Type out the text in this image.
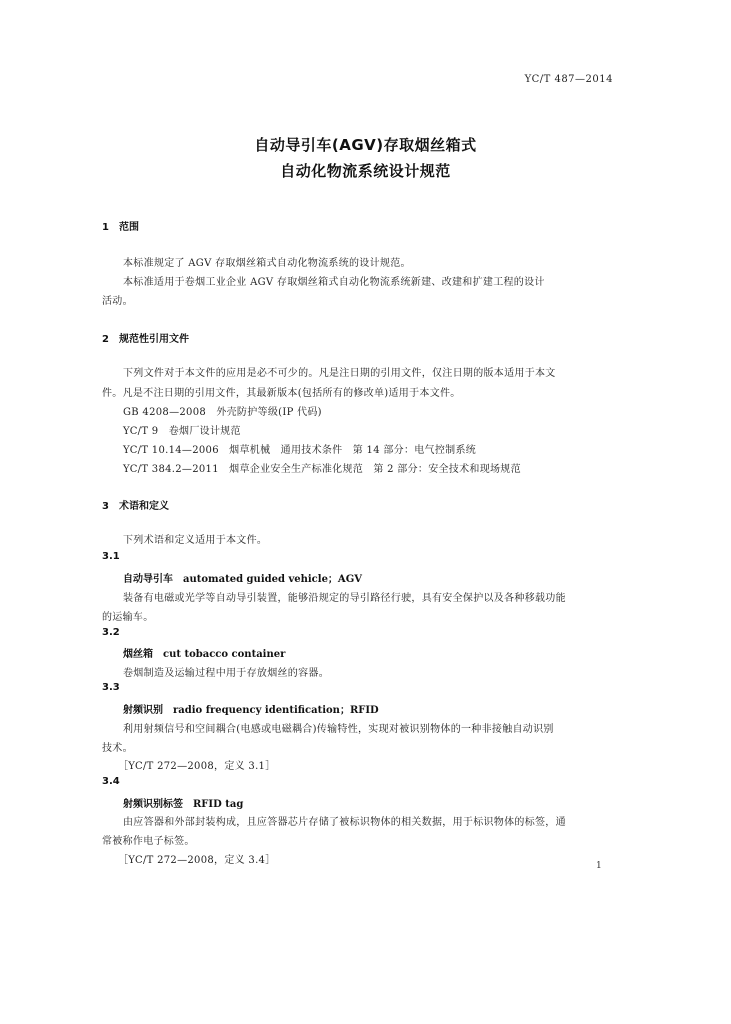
YC/T 487—2014
自动导引车(AGV)存取烟丝箱式
自动化物流系统设计规范
1　范围
本标准规定了 AGV 存取烟丝箱式自动化物流系统的设计规范。
本标准适用于卷烟工业企业 AGV 存取烟丝箱式自动化物流系统新建、改建和扩建工程的设计
活动。
2　规范性引用文件
下列文件对于本文件的应用是必不可少的。凡是注日期的引用文件，仅注日期的版本适用于本文
件。凡是不注日期的引用文件，其最新版本(包括所有的修改单)适用于本文件。
GB 4208—2008　外壳防护等级(IP 代码)
YC/T 9　卷烟厂设计规范
YC/T 10.14—2006　烟草机械　通用技术条件　第 14 部分：电气控制系统
YC/T 384.2—2011　烟草企业安全生产标准化规范　第 2 部分：安全技术和现场规范
3　术语和定义
下列术语和定义适用于本文件。
3.1
自动导引车　automated guided vehicle；AGV
装备有电磁或光学等自动导引装置，能够沿规定的导引路径行驶，具有安全保护以及各种移载功能
的运输车。
3.2
烟丝箱　cut tobacco container
卷烟制造及运输过程中用于存放烟丝的容器。
3.3
射频识别　radio frequency identification；RFID
利用射频信号和空间耦合(电感或电磁耦合)传输特性，实现对被识别物体的一种非接触自动识别
技术。
［YC/T 272—2008，定义 3.1］
3.4
射频识别标签　RFID tag
由应答器和外部封装构成，且应答器芯片存储了被标识物体的相关数据，用于标识物体的标签，通
常被称作电子标签。
［YC/T 272—2008，定义 3.4］	1
